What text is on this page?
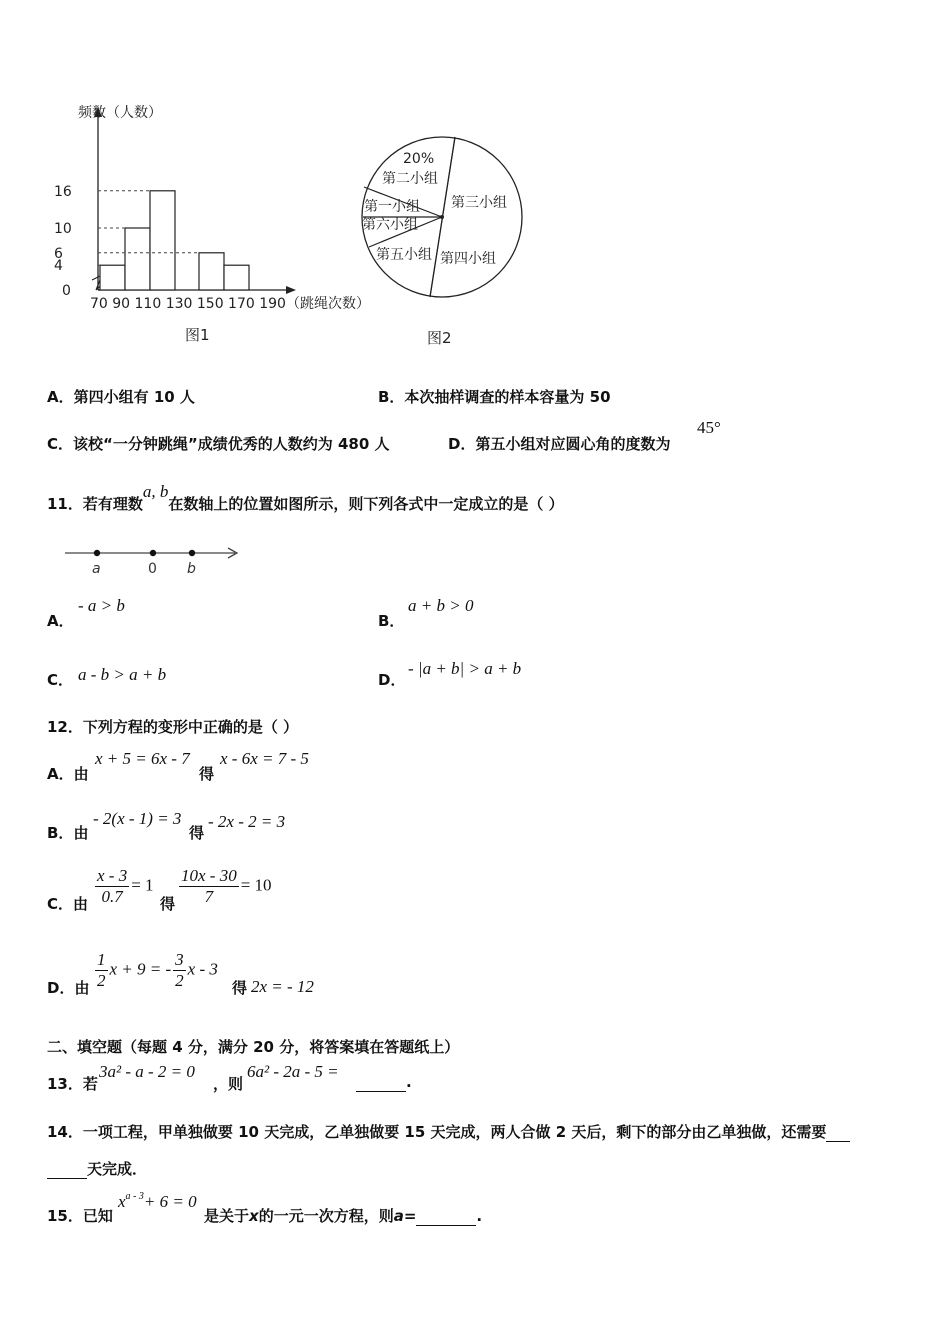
频数（人数）
70 90 110 130 150 170 190（跳绳次数）
图1
4
6
10
16
0
20%
第二小组
第三小组
第四小组
第五小组
第六小组
第一小组
图2
A．第四小组有 10 人	B．本次抽样调查的样本容量为 50
C．该校“一分钟跳绳”成绩优秀的人数约为 480 人	D．第五小组对应圆心角的度数为
45°
11．若有理数a, b在数轴上的位置如图所示，则下列各式中一定成立的是（ ）
a	0 b
A．
- a > b
B．
a + b > 0
C． a - b > a + b	D．
- |a + b| > a + b
12．下列方程的变形中正确的是（ ）
A．由
x + 5 = 6x - 7
得
x - 6x = 7 - 5
B．由
- 2(x - 1) = 3
得
- 2x - 2 = 3
C．由 $\frac{x - 3}{0.7} = 1$
得 $\frac{10x - 30}{7} = 10$
D．由 $\frac{1}{2}$ x + 9 = - $\frac{3}{2}$ x - 3
得 2x = - 12
二、填空题（每题 4 分，满分 20 分，将答案填在答题纸上）
13．若
3a² - a - 2 = 0
，则
6a² - 2a - 5 =
.
14．一项工程，甲单独做要 10 天完成，乙单独做要 15 天完成，两人合做 2 天后，剩下的部分由乙单独做，还需要
天完成．
15．已知
$x^{a - 3}+ 6 = 0$
是关于x的一元一次方程，则a=	.
